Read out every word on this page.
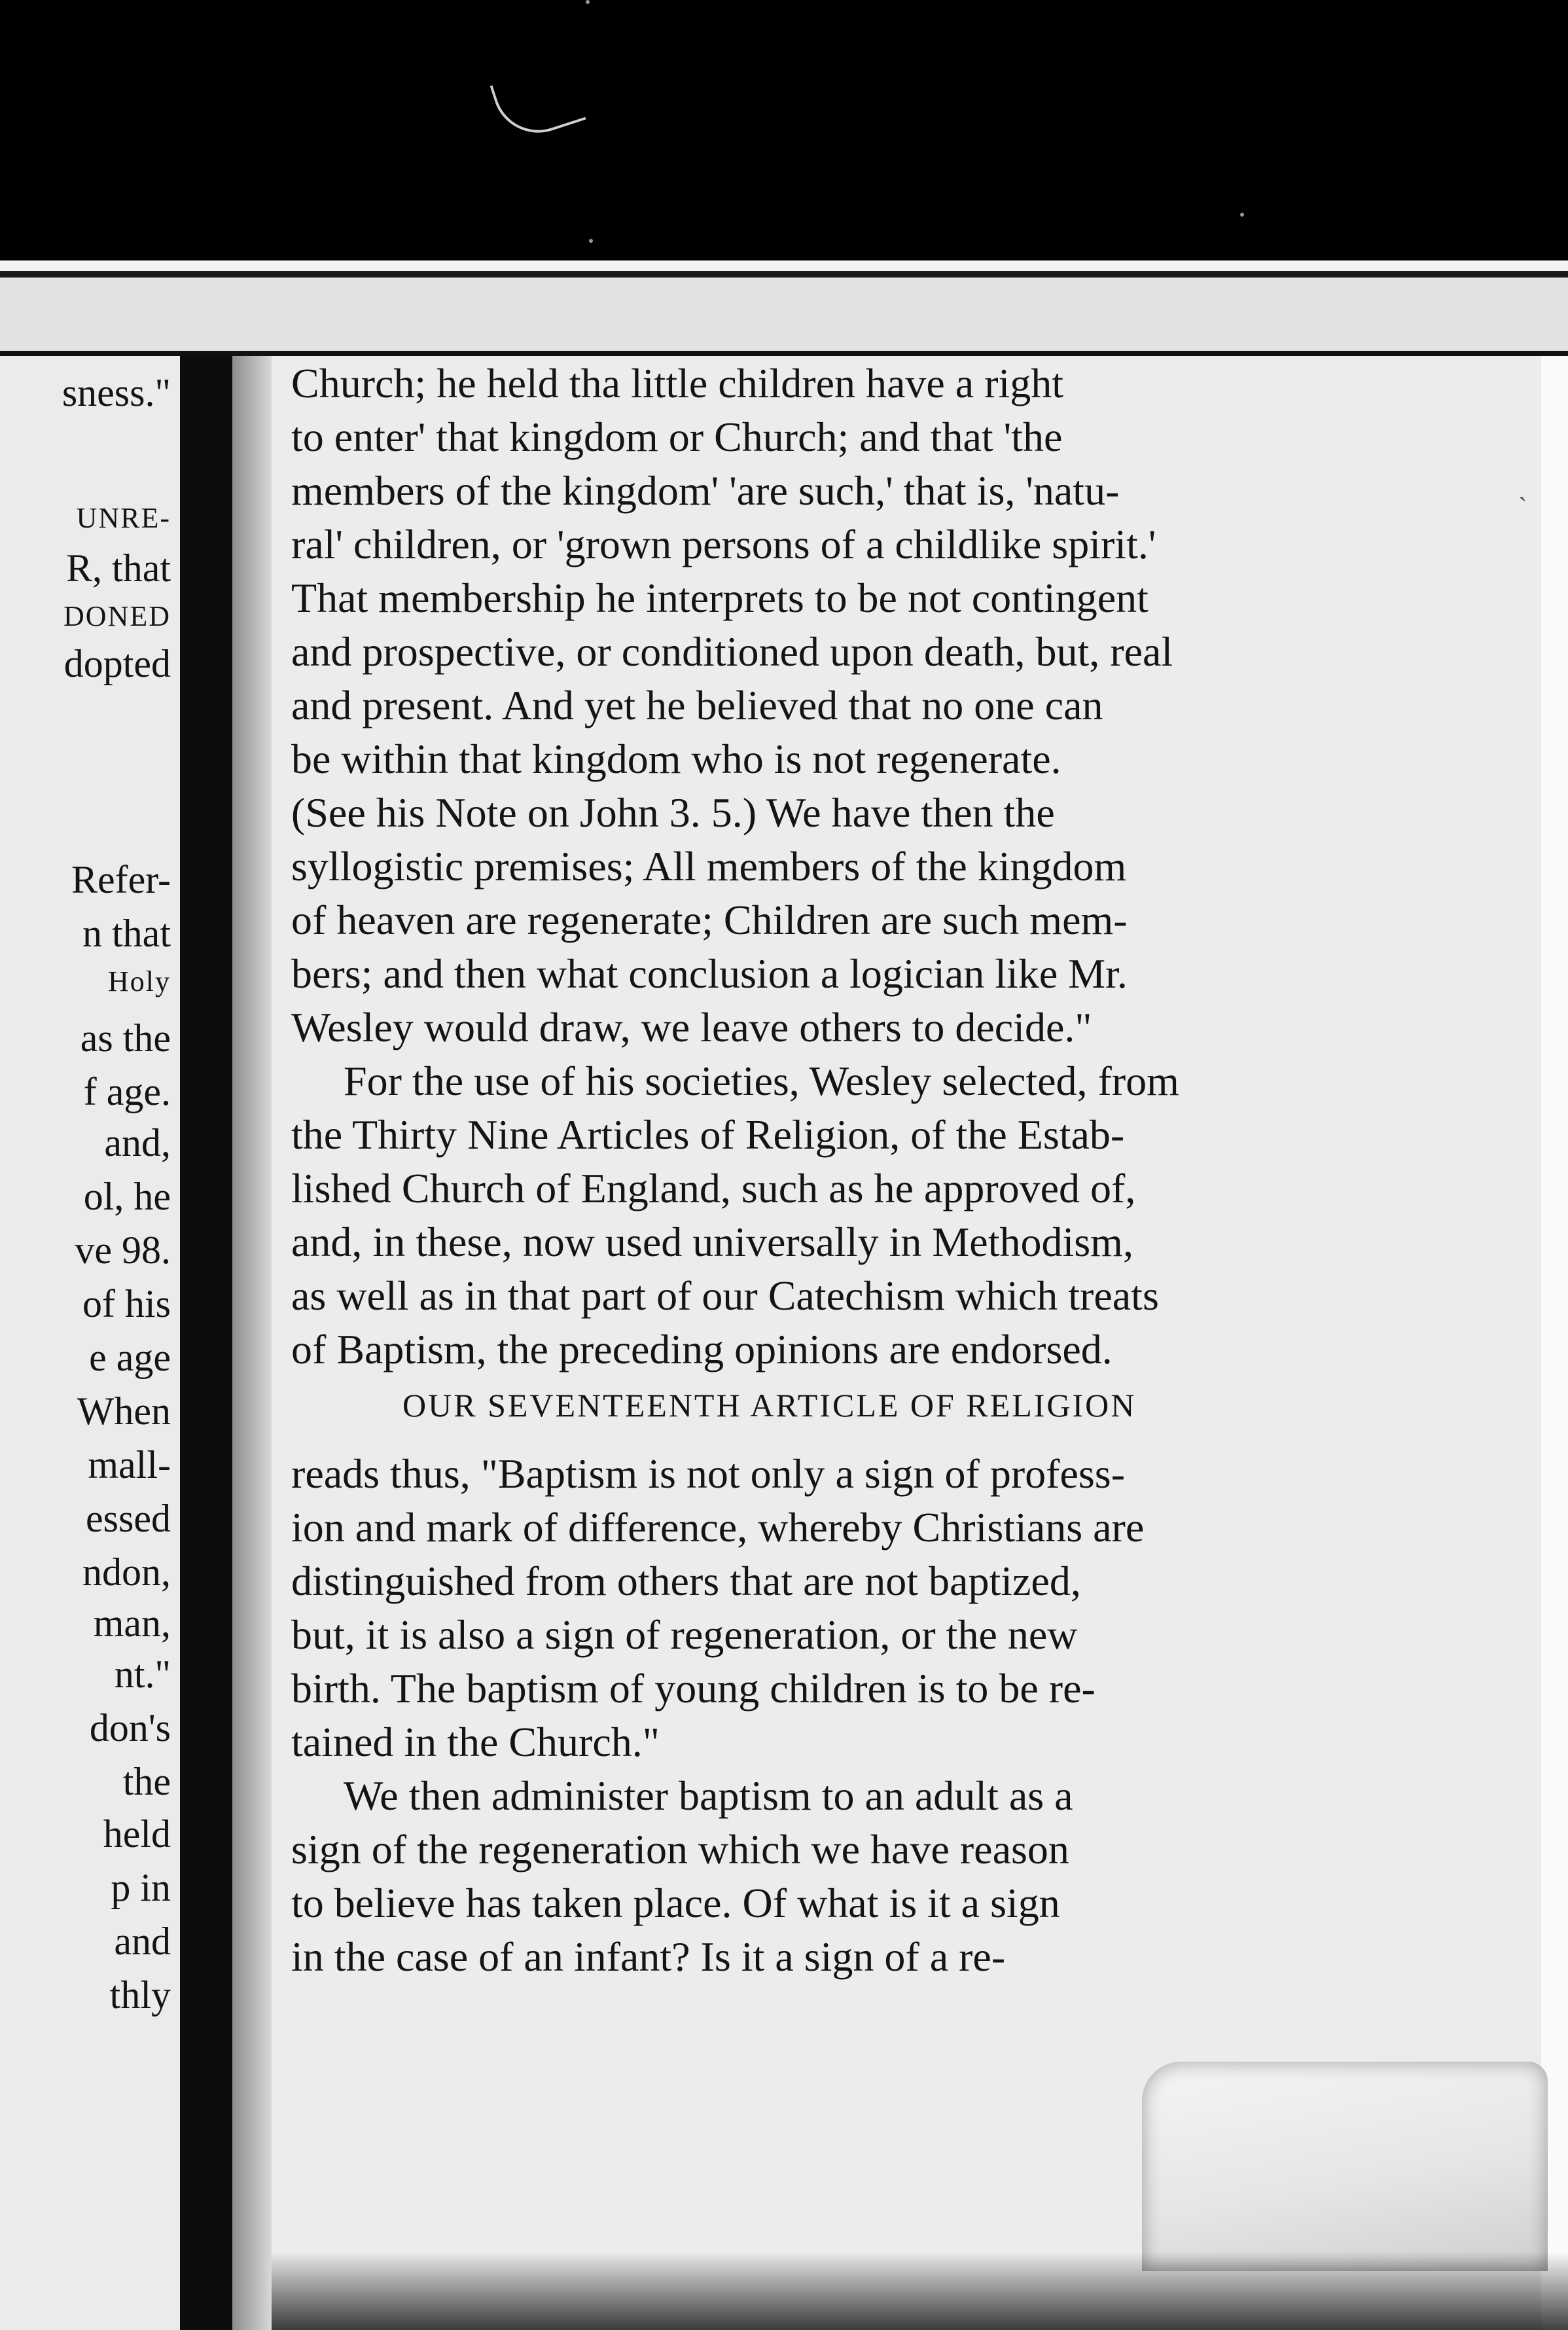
sness."
UNRE-
R, that
DONED
dopted
Refer-
n that
Holy
as the
f age.
and,
ol, he
ve 98.
of his
e age
When
mall-
essed
ndon,
man,
nt."
don's
the
held
p in
and
thly
Church; he held tha little children have a right
to enter' that kingdom or Church; and that 'the
members of the kingdom' 'are such,' that is, 'natu-
ral' children, or 'grown persons of a childlike spirit.'
That membership he interprets to be not contingent
and prospective, or conditioned upon death, but, real
and present. And yet he believed that no one can
be within that kingdom who is not regenerate.
(See his Note on John 3. 5.) We have then the
syllogistic premises; All members of the kingdom
of heaven are regenerate; Children are such mem-
bers; and then what conclusion a logician like Mr.
Wesley would draw, we leave others to decide."
For the use of his societies, Wesley selected, from
the Thirty Nine Articles of Religion, of the Estab-
lished Church of England, such as he approved of,
and, in these, now used universally in Methodism,
as well as in that part of our Catechism which treats
of Baptism, the preceding opinions are endorsed.
OUR SEVENTEENTH ARTICLE OF RELIGION
reads thus, "Baptism is not only a sign of profess-
ion and mark of difference, whereby Christians are
distinguished from others that are not baptized,
but, it is also a sign of regeneration, or the new
birth. The baptism of young children is to be re-
tained in the Church."
We then administer baptism to an adult as a
sign of the regeneration which we have reason
to believe has taken place. Of what is it a sign
in the case of an infant? Is it a sign of a re-
ˎ
